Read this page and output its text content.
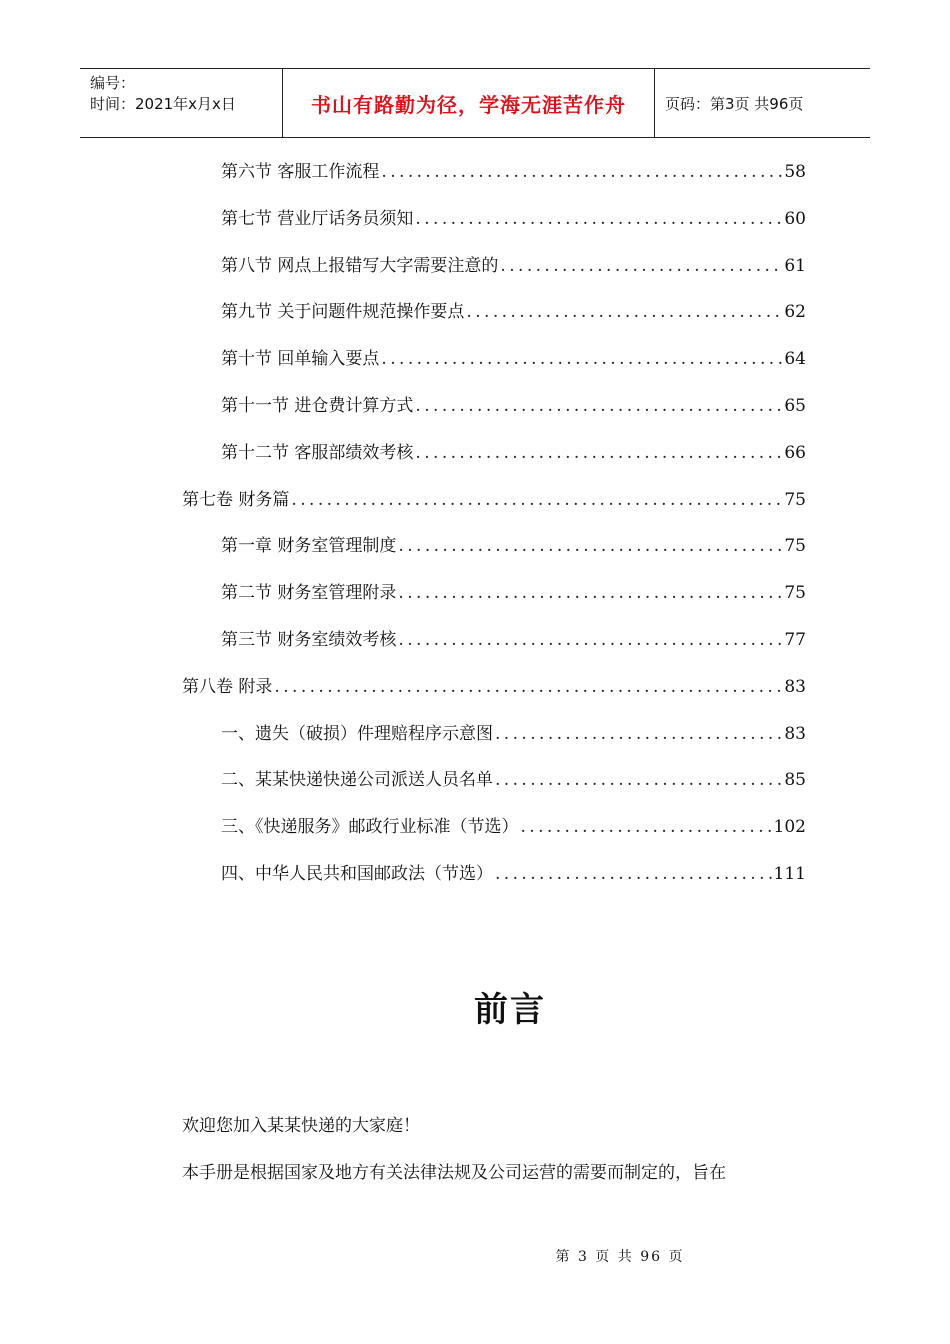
编号：
时间：2021年x月x日	书山有路勤为径，学海无涯苦作舟	页码：第3页 共96页
第六节 客服工作流程 .....	58
第七节 营业厅话务员须知 .....	60
第八节 网点上报错写大字需要注意的 .....	61
第九节 关于问题件规范操作要点 .....	62
第十节 回单输入要点 .....	64
第十一节 进仓费计算方式 .....	65
第十二节 客服部绩效考核 .....	66
第七卷 财务篇 .....	75
第一章 财务室管理制度 .....	75
第二节 财务室管理附录 .....	75
第三节 财务室绩效考核 .....	77
第八卷 附录 .....	83
一、遗失（破损）件理赔程序示意图 .....	83
二、某某快递快递公司派送人员名单 .....	85
三、《快递服务》邮政行业标准（节选） .....	102
四、中华人民共和国邮政法（节选） .....	111
前言
欢迎您加入某某快递的大家庭！
本手册是根据国家及地方有关法律法规及公司运营的需要而制定的，旨在
第 3 页 共 96 页
